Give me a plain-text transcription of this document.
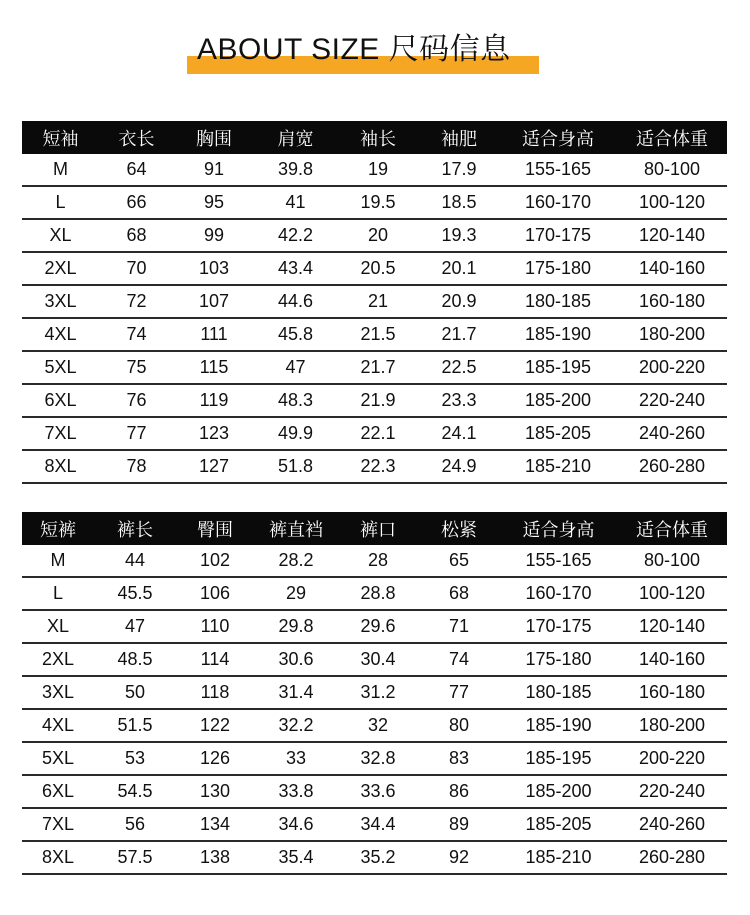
ABOUT SIZE 尺码信息
短袖	衣长	胸围	肩宽	袖长	袖肥	适合身高	适合体重
M	64	91	39.8	19	17.9	155-165	80-100
L	66	95	41	19.5	18.5	160-170	100-120
XL	68	99	42.2	20	19.3	170-175	120-140
2XL	70	103	43.4	20.5	20.1	175-180	140-160
3XL	72	107	44.6	21	20.9	180-185	160-180
4XL	74	111	45.8	21.5	21.7	185-190	180-200
5XL	75	115	47	21.7	22.5	185-195	200-220
6XL	76	119	48.3	21.9	23.3	185-200	220-240
7XL	77	123	49.9	22.1	24.1	185-205	240-260
8XL	78	127	51.8	22.3	24.9	185-210	260-280
短裤	裤长	臀围	裤直裆	裤口	松紧	适合身高	适合体重
M	44	102	28.2	28	65	155-165	80-100
L	45.5	106	29	28.8	68	160-170	100-120
XL	47	110	29.8	29.6	71	170-175	120-140
2XL	48.5	114	30.6	30.4	74	175-180	140-160
3XL	50	118	31.4	31.2	77	180-185	160-180
4XL	51.5	122	32.2	32	80	185-190	180-200
5XL	53	126	33	32.8	83	185-195	200-220
6XL	54.5	130	33.8	33.6	86	185-200	220-240
7XL	56	134	34.6	34.4	89	185-205	240-260
8XL	57.5	138	35.4	35.2	92	185-210	260-280
